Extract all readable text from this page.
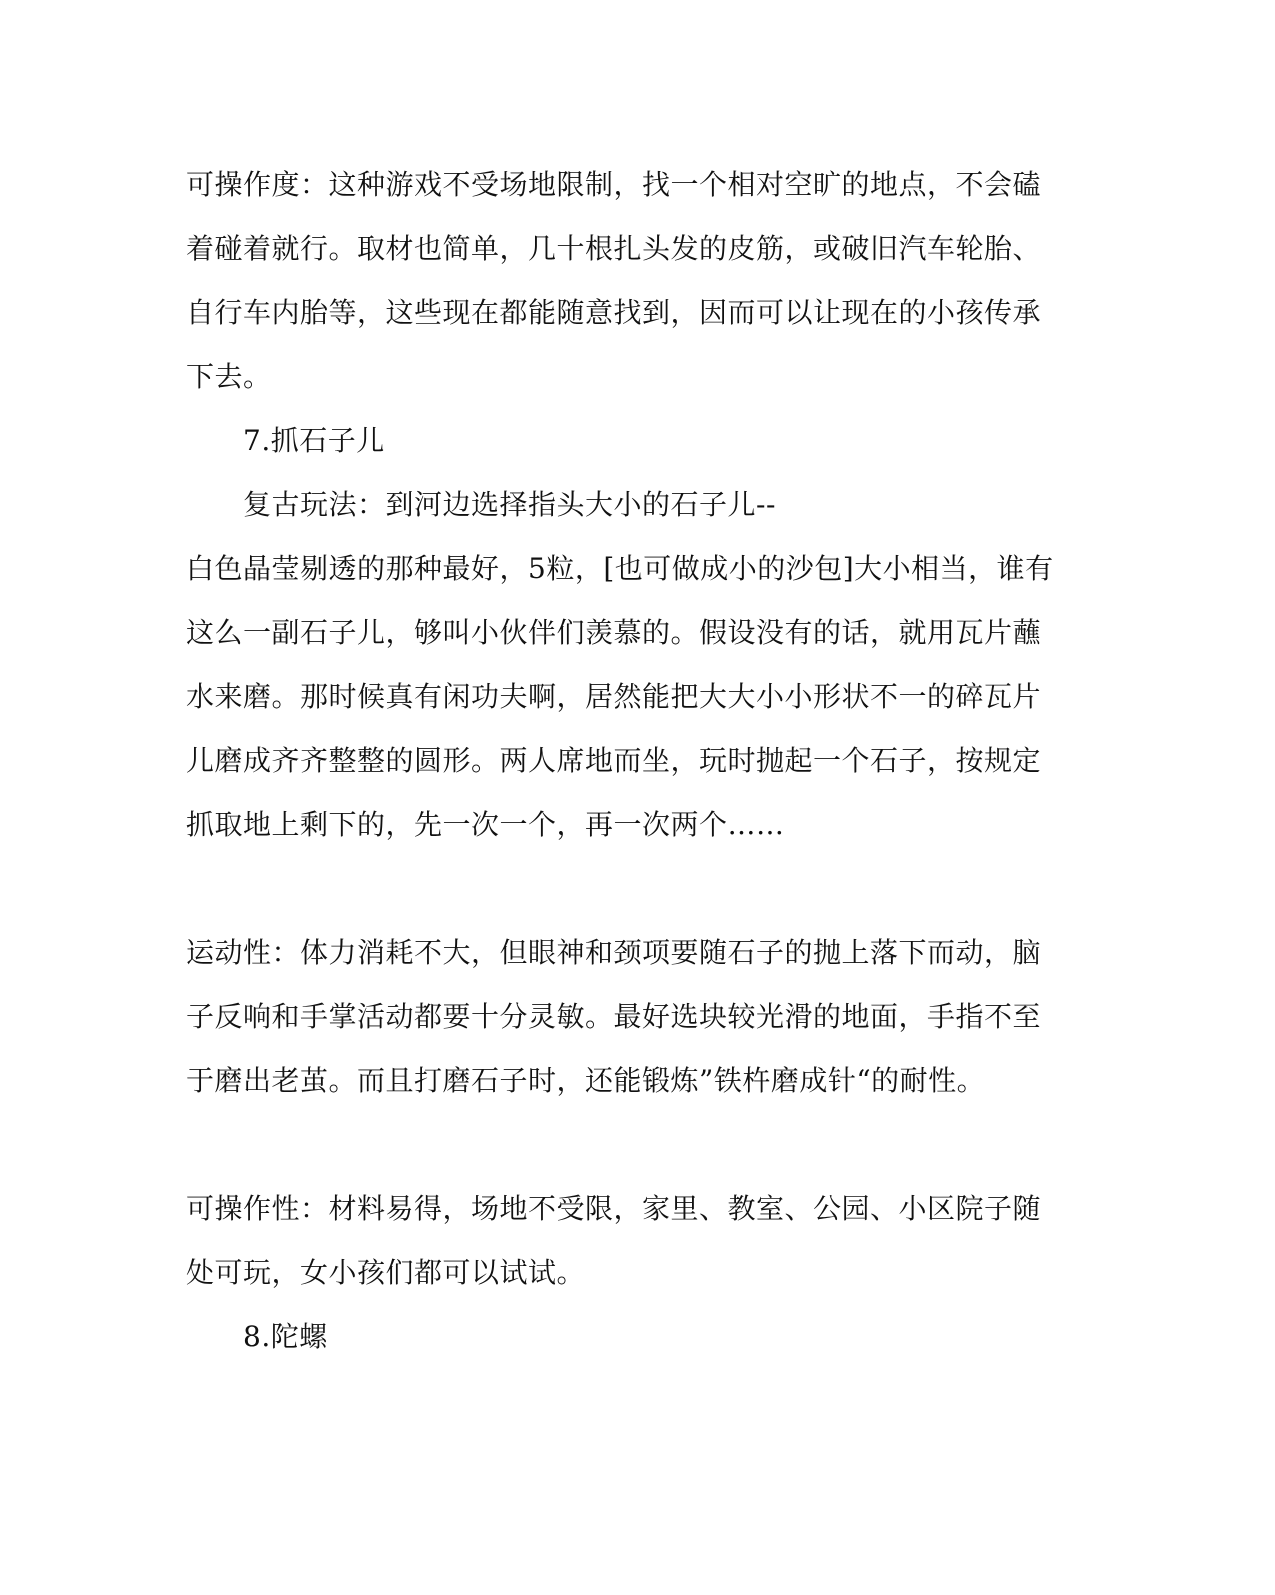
可操作度：这种游戏不受场地限制，找一个相对空旷的地点，不会磕
着碰着就行。取材也简单，几十根扎头发的皮筋，或破旧汽车轮胎、
自行车内胎等，这些现在都能随意找到，因而可以让现在的小孩传承
下去。
7.抓石子儿
复古玩法：到河边选择指头大小的石子儿--
白色晶莹剔透的那种最好，5粒，[也可做成小的沙包]大小相当，谁有
这么一副石子儿，够叫小伙伴们羡慕的。假设没有的话，就用瓦片蘸
水来磨。那时候真有闲功夫啊，居然能把大大小小形状不一的碎瓦片
儿磨成齐齐整整的圆形。两人席地而坐，玩时抛起一个石子，按规定
抓取地上剩下的，先一次一个，再一次两个……
运动性：体力消耗不大，但眼神和颈项要随石子的抛上落下而动，脑
子反响和手掌活动都要十分灵敏。最好选块较光滑的地面，手指不至
于磨出老茧。而且打磨石子时，还能锻炼”铁杵磨成针“的耐性。
可操作性：材料易得，场地不受限，家里、教室、公园、小区院子随
处可玩，女小孩们都可以试试。
8.陀螺
